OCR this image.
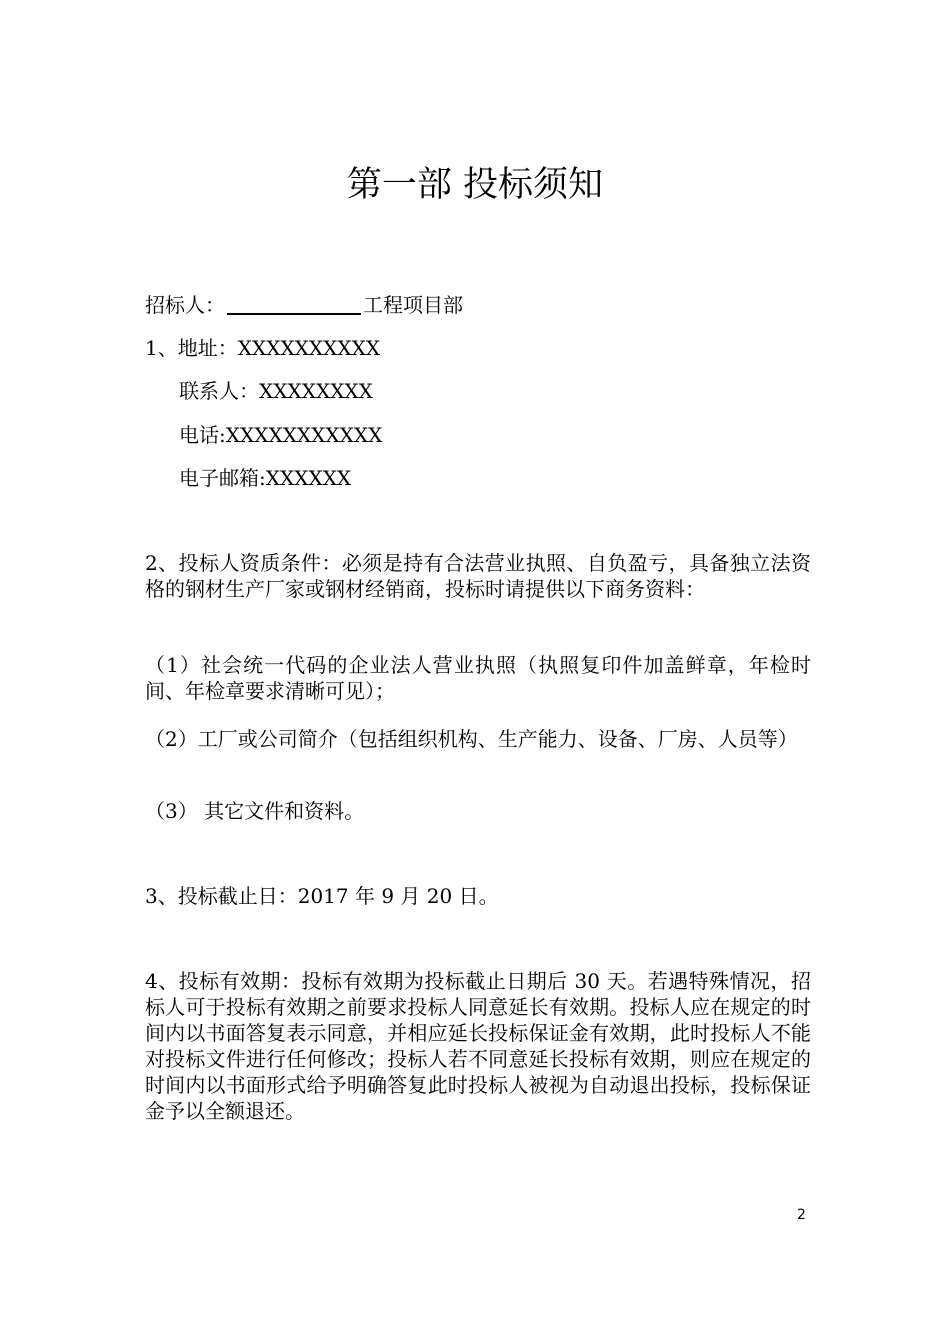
第一部 投标须知
招标人：	工程项目部
1、地址：XXXXXXXXXX
联系人：XXXXXXXX
电话:XXXXXXXXXXX
电子邮箱:XXXXXX
2、投标人资质条件：必须是持有合法营业执照、自负盈亏，具备独立法资格的钢材生产厂家或钢材经销商，投标时请提供以下商务资料：
（1）社会统一代码的企业法人营业执照（执照复印件加盖鲜章，年检时间、年检章要求清晰可见）；
（2）工厂或公司简介（包括组织机构、生产能力、设备、厂房、人员等）
（3） 其它文件和资料。
3、投标截止日：2017 年 9 月 20 日。
4、投标有效期：投标有效期为投标截止日期后 30 天。若遇特殊情况，招标人可于投标有效期之前要求投标人同意延长有效期。投标人应在规定的时间内以书面答复表示同意，并相应延长投标保证金有效期，此时投标人不能对投标文件进行任何修改；投标人若不同意延长投标有效期，则应在规定的时间内以书面形式给予明确答复此时投标人被视为自动退出投标，投标保证金予以全额退还。
2
